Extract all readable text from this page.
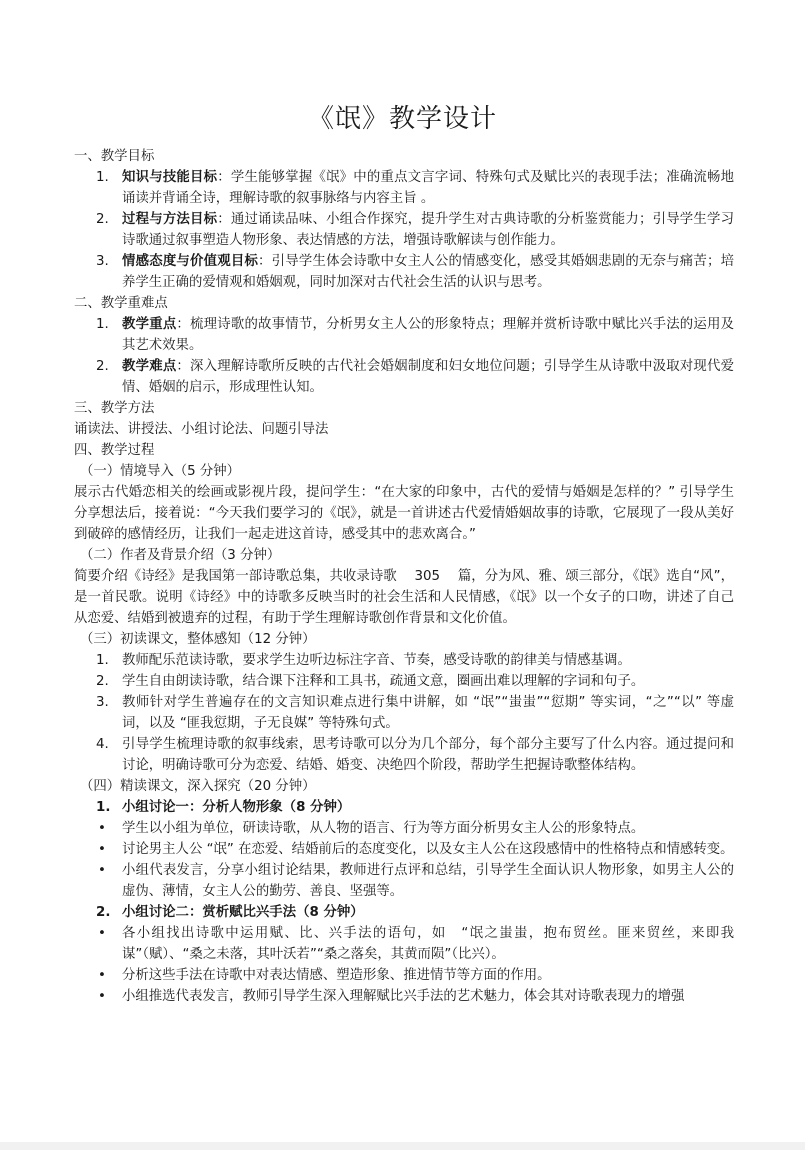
《氓》教学设计

一、教学目标

1. 知识与技能目标：学生能够掌握《氓》中的重点文言字词、特殊句式及赋比兴的表现手法；准确流畅地诵读并背诵全诗，理解诗歌的叙事脉络与内容主旨 。

2. 过程与方法目标：通过诵读品味、小组合作探究，提升学生对古典诗歌的分析鉴赏能力；引导学生学习诗歌通过叙事塑造人物形象、表达情感的方法，增强诗歌解读与创作能力。

3. 情感态度与价值观目标：引导学生体会诗歌中女主人公的情感变化，感受其婚姻悲剧的无奈与痛苦；培养学生正确的爱情观和婚姻观，同时加深对古代社会生活的认识与思考。

二、教学重难点

1. 教学重点：梳理诗歌的故事情节，分析男女主人公的形象特点；理解并赏析诗歌中赋比兴手法的运用及其艺术效果。

2. 教学难点：深入理解诗歌所反映的古代社会婚姻制度和妇女地位问题；引导学生从诗歌中汲取对现代爱情、婚姻的启示，形成理性认知。

三、教学方法

诵读法、讲授法、小组讨论法、问题引导法

四、教学过程

（一）情境导入（5 分钟）

展示古代婚恋相关的绘画或影视片段，提问学生：“在大家的印象中，古代的爱情与婚姻是怎样的？” 引导学生分享想法后，接着说：“今天我们要学习的《氓》，就是一首讲述古代爱情婚姻故事的诗歌，它展现了一段从美好到破碎的感情经历，让我们一起走进这首诗，感受其中的悲欢离合。”

（二）作者及背景介绍（3 分钟）

简要介绍《诗经》是我国第一部诗歌总集，共收录诗歌　 305　 篇，分为风、雅、颂三部分，《氓》选自“风”，是一首民歌。说明《诗经》中的诗歌多反映当时的社会生活和人民情感，《氓》以一个女子的口吻，讲述了自己从恋爱、结婚到被遗弃的过程，有助于学生理解诗歌创作背景和文化价值。

（三）初读课文，整体感知（12 分钟）

1. 教师配乐范读诗歌，要求学生边听边标注字音、节奏，感受诗歌的韵律美与情感基调。

2. 学生自由朗读诗歌，结合课下注释和工具书，疏通文意，圈画出难以理解的字词和句子。

3. 教师针对学生普遍存在的文言知识难点进行集中讲解，如 “氓”“蚩蚩”“愆期” 等实词，“之”“以” 等虚词，以及 “匪我愆期，子无良媒” 等特殊句式。

4. 引导学生梳理诗歌的叙事线索，思考诗歌可以分为几个部分，每个部分主要写了什么内容。通过提问和讨论，明确诗歌可分为恋爱、结婚、婚变、决绝四个阶段，帮助学生把握诗歌整体结构。

（四）精读课文，深入探究（20 分钟）

1. 小组讨论一：分析人物形象（8 分钟）

• 学生以小组为单位，研读诗歌，从人物的语言、行为等方面分析男女主人公的形象特点。

• 讨论男主人公 “氓” 在恋爱、结婚前后的态度变化，以及女主人公在这段感情中的性格特点和情感转变。

• 小组代表发言，分享小组讨论结果，教师进行点评和总结，引导学生全面认识人物形象，如男主人公的虚伪、薄情，女主人公的勤劳、善良、坚强等。

2. 小组讨论二：赏析赋比兴手法（8 分钟）

• 各小组找出诗歌中运用赋、比、兴手法的语句，如　“氓之蚩蚩，抱布贸丝。匪来贸丝，来即我谋”（赋）、“桑之未落，其叶沃若”“桑之落矣，其黄而陨”（比兴）。

• 分析这些手法在诗歌中对表达情感、塑造形象、推进情节等方面的作用。

• 小组推选代表发言，教师引导学生深入理解赋比兴手法的艺术魅力，体会其对诗歌表现力的增强
